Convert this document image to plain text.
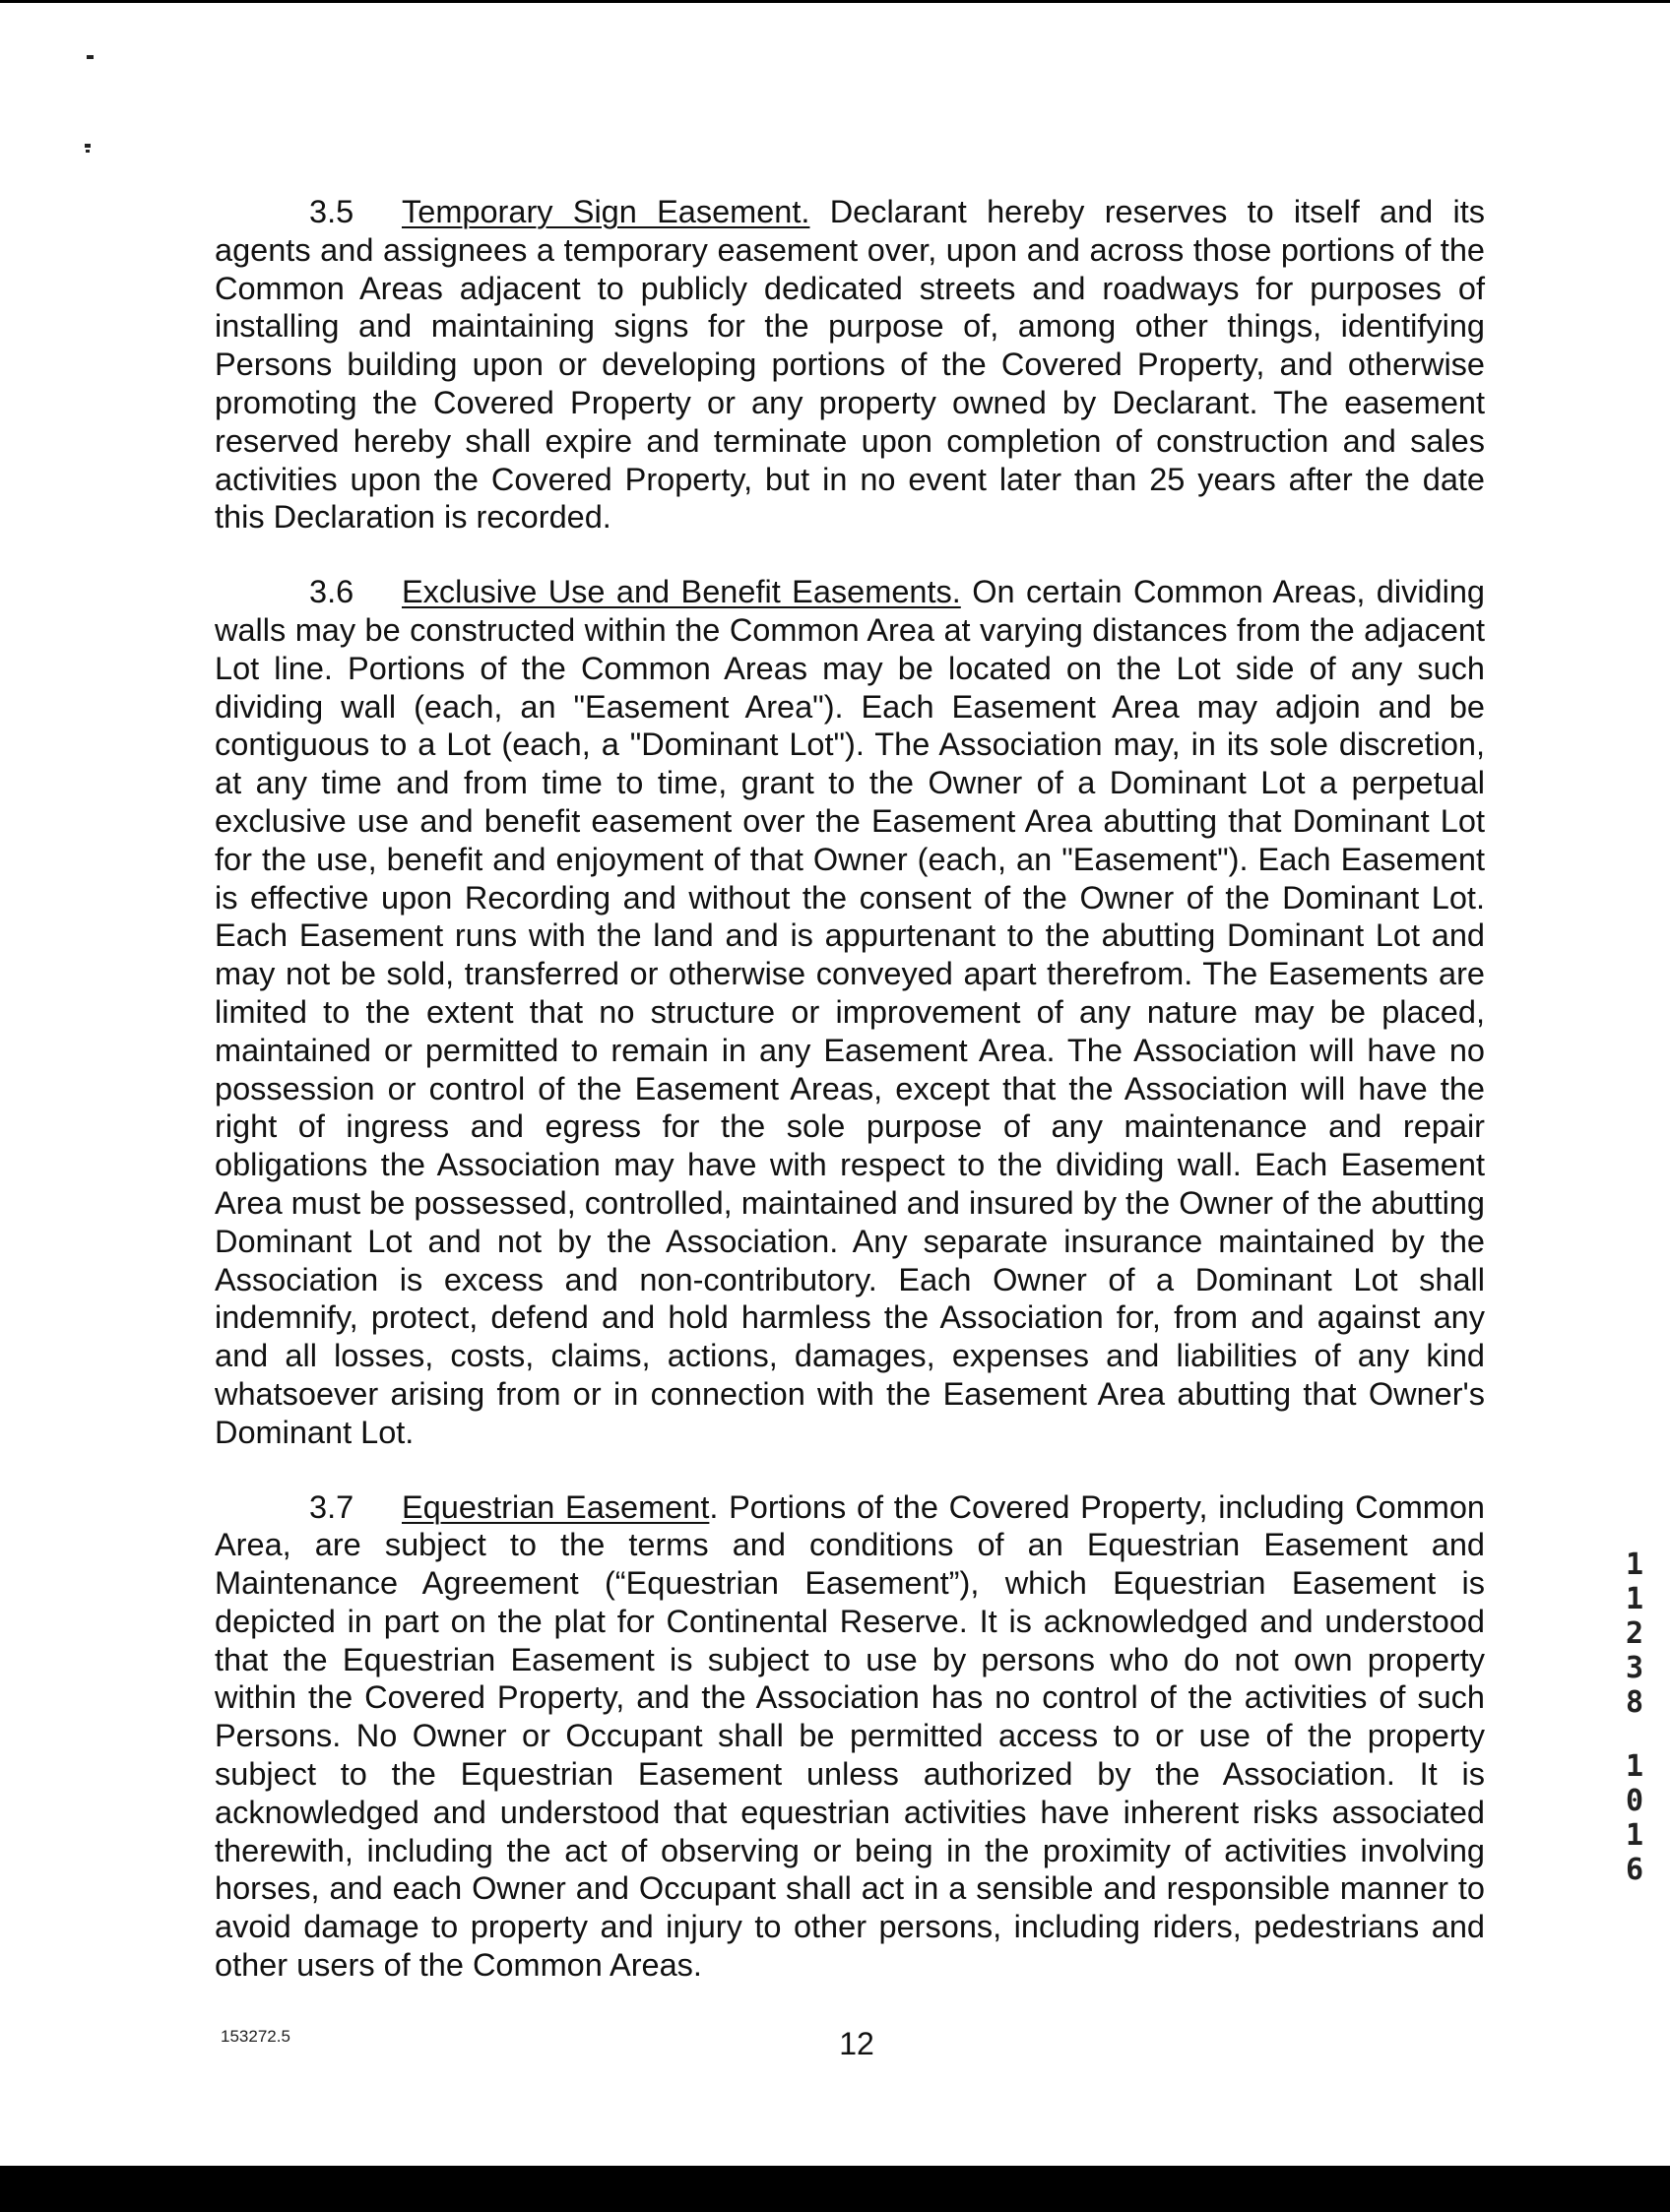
3.5 Temporary Sign Easement. Declarant hereby reserves to itself and its agents and assignees a temporary easement over, upon and across those portions of the Common Areas adjacent to publicly dedicated streets and roadways for purposes of installing and maintaining signs for the purpose of, among other things, identifying Persons building upon or developing portions of the Covered Property, and otherwise promoting the Covered Property or any property owned by Declarant. The easement reserved hereby shall expire and terminate upon completion of construction and sales activities upon the Covered Property, but in no event later than 25 years after the date this Declaration is recorded.

3.6 Exclusive Use and Benefit Easements. On certain Common Areas, dividing walls may be constructed within the Common Area at varying distances from the adjacent Lot line. Portions of the Common Areas may be located on the Lot side of any such dividing wall (each, an "Easement Area"). Each Easement Area may adjoin and be contiguous to a Lot (each, a "Dominant Lot"). The Association may, in its sole discretion, at any time and from time to time, grant to the Owner of a Dominant Lot a perpetual exclusive use and benefit easement over the Easement Area abutting that Dominant Lot for the use, benefit and enjoyment of that Owner (each, an "Easement"). Each Easement is effective upon Recording and without the consent of the Owner of the Dominant Lot. Each Easement runs with the land and is appurtenant to the abutting Dominant Lot and may not be sold, transferred or otherwise conveyed apart therefrom. The Easements are limited to the extent that no structure or improvement of any nature may be placed, maintained or permitted to remain in any Easement Area. The Association will have no possession or control of the Easement Areas, except that the Association will have the right of ingress and egress for the sole purpose of any maintenance and repair obligations the Association may have with respect to the dividing wall. Each Easement Area must be possessed, controlled, maintained and insured by the Owner of the abutting Dominant Lot and not by the Association. Any separate insurance maintained by the Association is excess and non-contributory. Each Owner of a Dominant Lot shall indemnify, protect, defend and hold harmless the Association for, from and against any and all losses, costs, claims, actions, damages, expenses and liabilities of any kind whatsoever arising from or in connection with the Easement Area abutting that Owner's Dominant Lot.

3.7 Equestrian Easement. Portions of the Covered Property, including Common Area, are subject to the terms and conditions of an Equestrian Easement and Maintenance Agreement (“Equestrian Easement”), which Equestrian Easement is depicted in part on the plat for Continental Reserve. It is acknowledged and understood that the Equestrian Easement is subject to use by persons who do not own property within the Covered Property, and the Association has no control of the activities of such Persons. No Owner or Occupant shall be permitted access to or use of the property subject to the Equestrian Easement unless authorized by the Association. It is acknowledged and understood that equestrian activities have inherent risks associated therewith, including the act of observing or being in the proximity of activities involving horses, and each Owner and Occupant shall act in a sensible and responsible manner to avoid damage to property and injury to other persons, including riders, pedestrians and other users of the Common Areas.

1
1
2
3
8
1
0
1
6
12
153272.5
